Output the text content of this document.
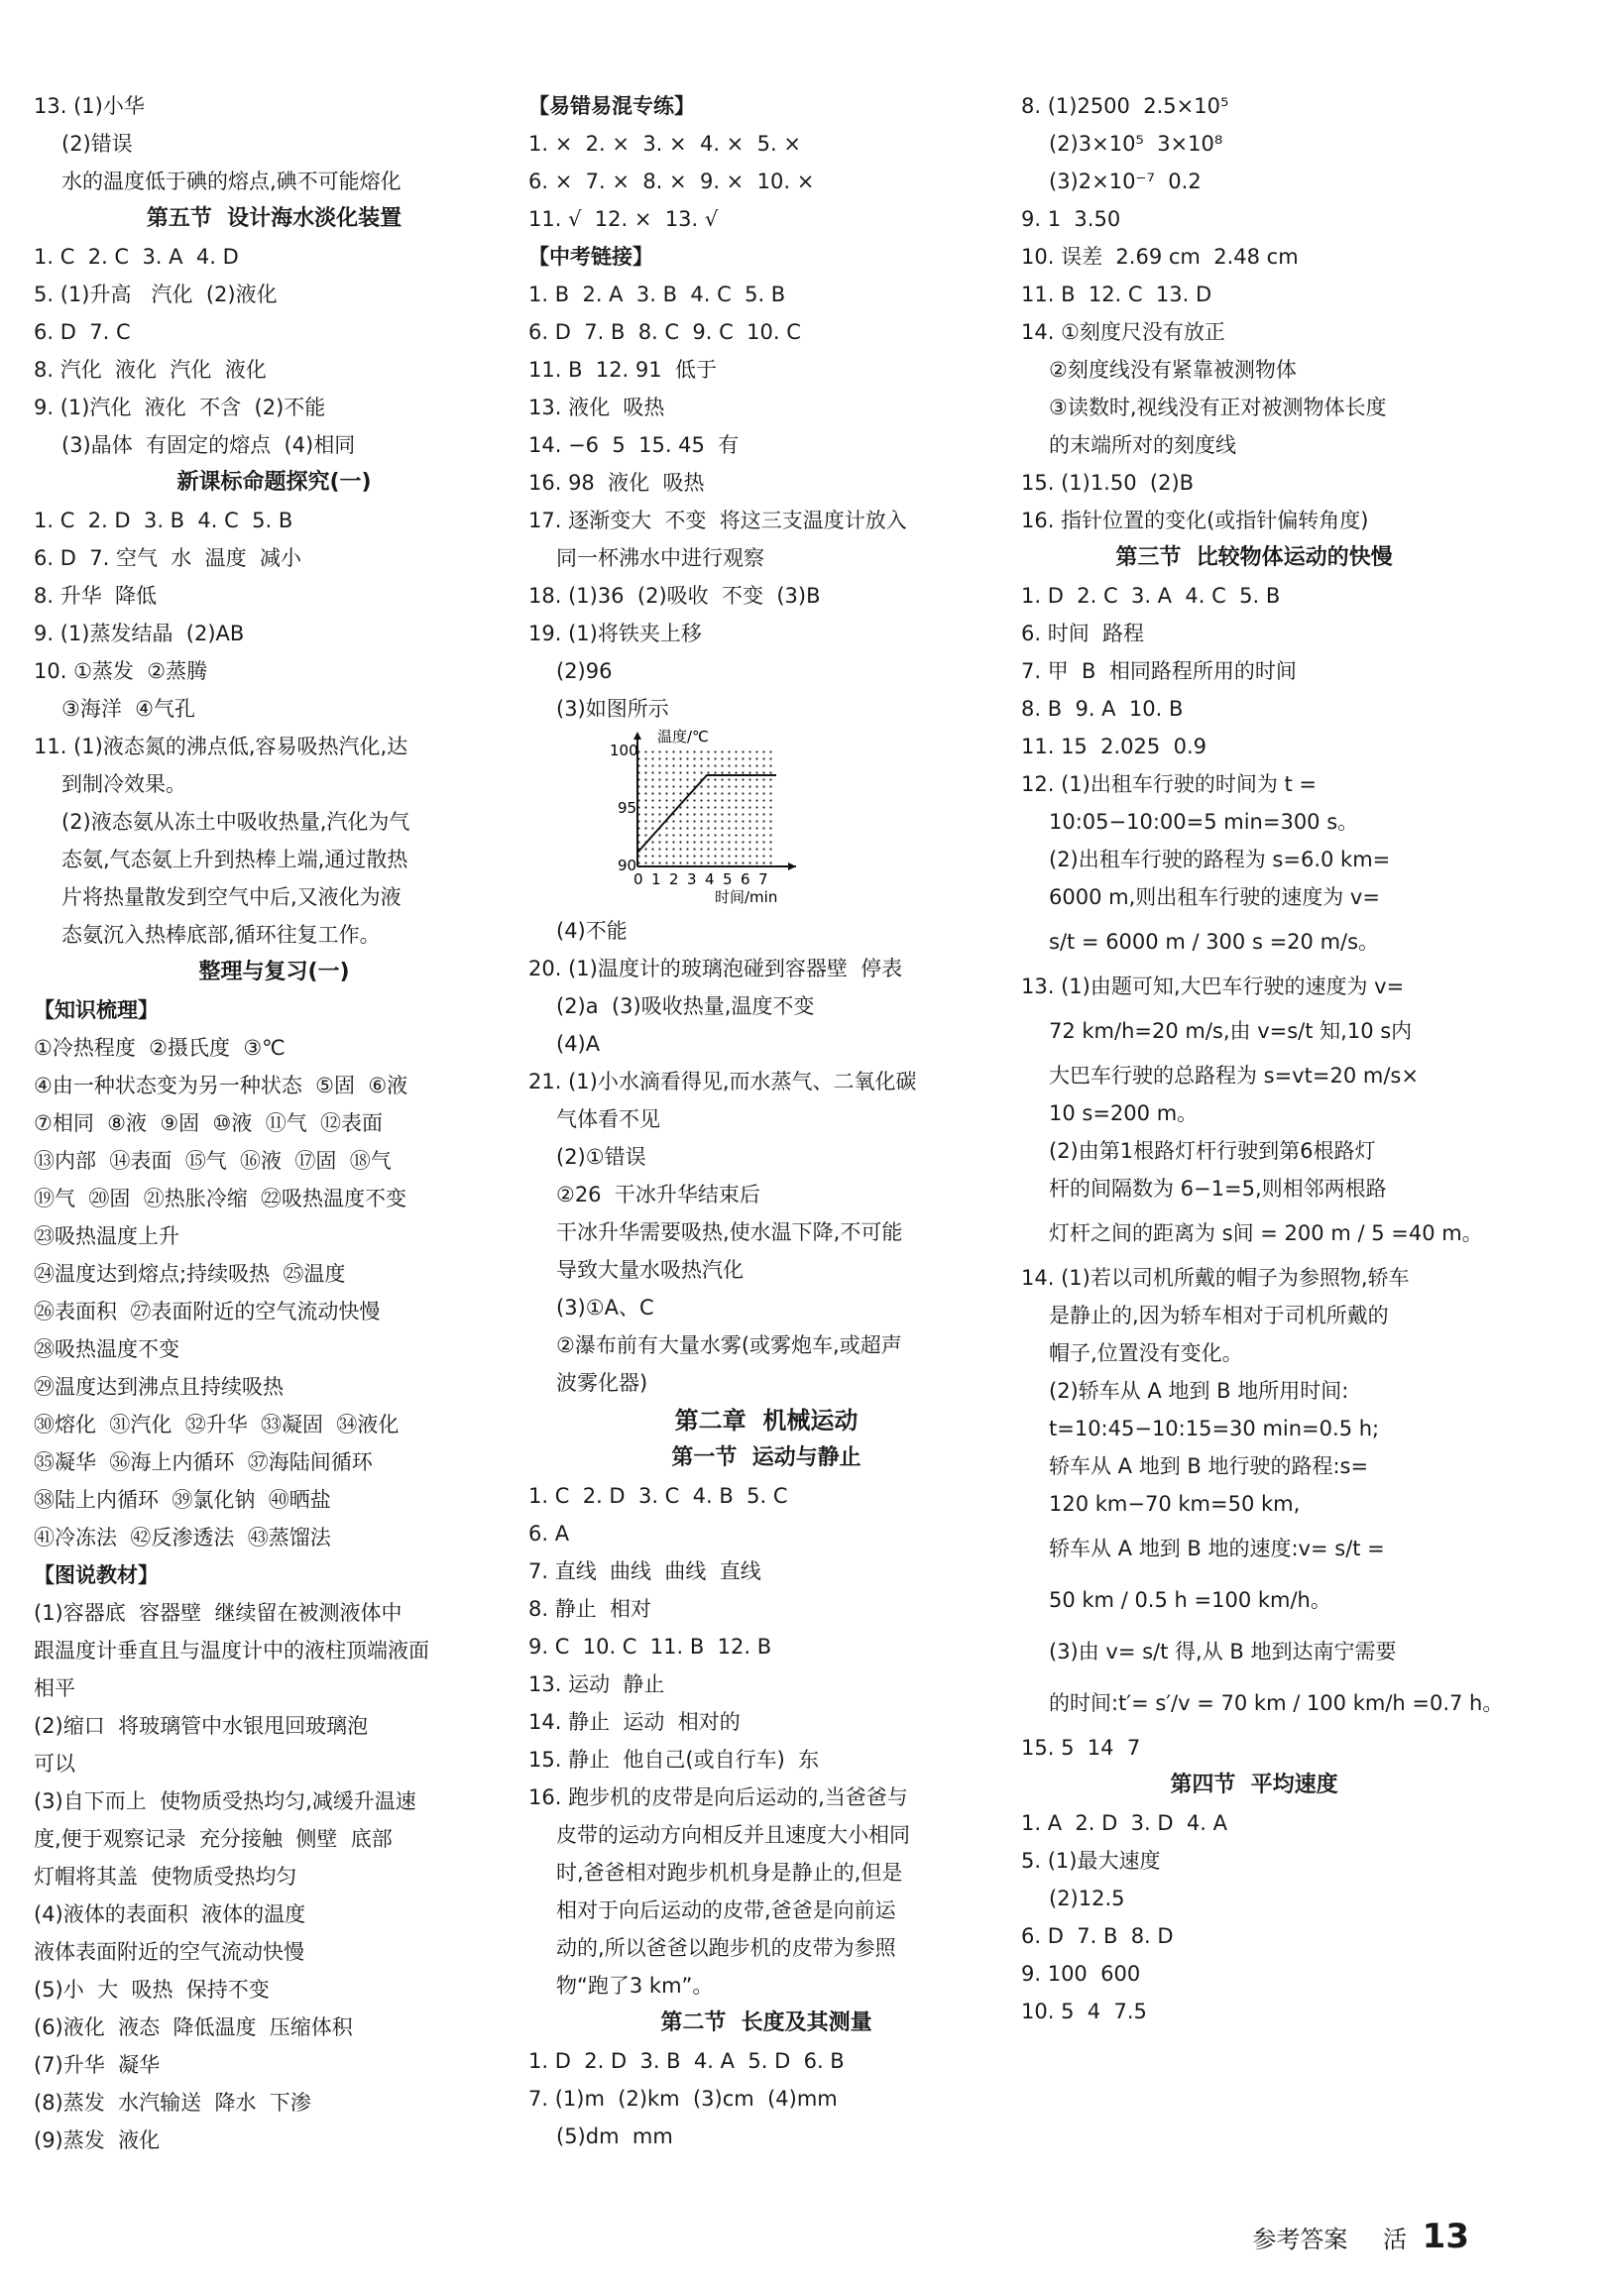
13. (1)小华
(2)错误
水的温度低于碘的熔点,碘不可能熔化
第五节  设计海水淡化装置
1. C  2. C  3. A  4. D
5. (1)升高   汽化  (2)液化
6. D  7. C
8. 汽化  液化  汽化  液化
9. (1)汽化  液化  不含  (2)不能
(3)晶体  有固定的熔点  (4)相同
新课标命题探究(一)
1. C  2. D  3. B  4. C  5. B
6. D  7. 空气  水  温度  减小
8. 升华  降低
9. (1)蒸发结晶  (2)AB
10. ①蒸发  ②蒸腾
③海洋  ④气孔
11. (1)液态氮的沸点低,容易吸热汽化,达
到制冷效果。
(2)液态氨从冻土中吸收热量,汽化为气
态氨,气态氨上升到热棒上端,通过散热
片将热量散发到空气中后,又液化为液
态氨沉入热棒底部,循环往复工作。
整理与复习(一)
【知识梳理】
①冷热程度  ②摄氏度  ③℃
④由一种状态变为另一种状态  ⑤固  ⑥液
⑦相同  ⑧液  ⑨固  ⑩液  ⑪气  ⑫表面
⑬内部  ⑭表面  ⑮气  ⑯液  ⑰固  ⑱气
⑲气  ⑳固  ㉑热胀冷缩  ㉒吸热温度不变
㉓吸热温度上升
㉔温度达到熔点;持续吸热  ㉕温度
㉖表面积  ㉗表面附近的空气流动快慢
㉘吸热温度不变
㉙温度达到沸点且持续吸热
㉚熔化  ㉛汽化  ㉜升华  ㉝凝固  ㉞液化
㉟凝华  ㊱海上内循环  ㊲海陆间循环
㊳陆上内循环  ㊴氯化钠  ㊵晒盐
㊶冷冻法  ㊷反渗透法  ㊸蒸馏法
【图说教材】
(1)容器底  容器壁  继续留在被测液体中
跟温度计垂直且与温度计中的液柱顶端液面
相平
(2)缩口  将玻璃管中水银甩回玻璃泡
可以
(3)自下而上  使物质受热均匀,减缓升温速
度,便于观察记录  充分接触  侧壁  底部
灯帽将其盖  使物质受热均匀
(4)液体的表面积  液体的温度
液体表面附近的空气流动快慢
(5)小  大  吸热  保持不变
(6)液化  液态  降低温度  压缩体积
(7)升华  凝华
(8)蒸发  水汽输送  降水  下渗
(9)蒸发  液化
【易错易混专练】
1. ×  2. ×  3. ×  4. ×  5. ×
6. ×  7. ×  8. ×  9. ×  10. ×
11. √  12. ×  13. √
【中考链接】
1. B  2. A  3. B  4. C  5. B
6. D  7. B  8. C  9. C  10. C
11. B  12. 91  低于
13. 液化  吸热
14. −6  5  15. 45  有
16. 98  液化  吸热
17. 逐渐变大  不变  将这三支温度计放入
同一杯沸水中进行观察
18. (1)36  (2)吸收  不变  (3)B
19. (1)将铁夹上移
(2)96
(3)如图所示
温度/℃
100
95
90
0 1 2 3 4 5 6 7
时间/min
(4)不能
20. (1)温度计的玻璃泡碰到容器壁  停表
(2)a  (3)吸收热量,温度不变
(4)A
21. (1)小水滴看得见,而水蒸气、二氧化碳
气体看不见
(2)①错误
②26  干冰升华结束后
干冰升华需要吸热,使水温下降,不可能
导致大量水吸热汽化
(3)①A、C
②瀑布前有大量水雾(或雾炮车,或超声
波雾化器)
第二章  机械运动
第一节  运动与静止
1. C  2. D  3. C  4. B  5. C
6. A
7. 直线  曲线  曲线  直线
8. 静止  相对
9. C  10. C  11. B  12. B
13. 运动  静止
14. 静止  运动  相对的
15. 静止  他自己(或自行车)  东
16. 跑步机的皮带是向后运动的,当爸爸与
皮带的运动方向相反并且速度大小相同
时,爸爸相对跑步机机身是静止的,但是
相对于向后运动的皮带,爸爸是向前运
动的,所以爸爸以跑步机的皮带为参照
物“跑了3 km”。
第二节  长度及其测量
1. D  2. D  3. B  4. A  5. D  6. B
7. (1)m  (2)km  (3)cm  (4)mm
(5)dm  mm
8. (1)2500  2.5×10⁵
(2)3×10⁵  3×10⁸
(3)2×10⁻⁷  0.2
9. 1  3.50
10. 误差  2.69 cm  2.48 cm
11. B  12. C  13. D
14. ①刻度尺没有放正
②刻度线没有紧靠被测物体
③读数时,视线没有正对被测物体长度
的末端所对的刻度线
15. (1)1.50  (2)B
16. 指针位置的变化(或指针偏转角度)
第三节  比较物体运动的快慢
1. D  2. C  3. A  4. C  5. B
6. 时间  路程
7. 甲  B  相同路程所用的时间
8. B  9. A  10. B
11. 15  2.025  0.9
12. (1)出租车行驶的时间为 t =
10:05−10:00=5 min=300 s。
(2)出租车行驶的路程为 s=6.0 km=
6000 m,则出租车行驶的速度为 v=
s/t = 6000 m / 300 s =20 m/s。
13. (1)由题可知,大巴车行驶的速度为 v=
72 km/h=20 m/s,由 v=s/t 知,10 s内
大巴车行驶的总路程为 s=vt=20 m/s×
10 s=200 m。
(2)由第1根路灯杆行驶到第6根路灯
杆的间隔数为 6−1=5,则相邻两根路
灯杆之间的距离为 s间 = 200 m / 5 =40 m。
14. (1)若以司机所戴的帽子为参照物,轿车
是静止的,因为轿车相对于司机所戴的
帽子,位置没有变化。
(2)轿车从 A 地到 B 地所用时间:
t=10:45−10:15=30 min=0.5 h;
轿车从 A 地到 B 地行驶的路程:s=
120 km−70 km=50 km,
轿车从 A 地到 B 地的速度:v= s/t =
50 km / 0.5 h =100 km/h。
(3)由 v= s/t 得,从 B 地到达南宁需要
的时间:t′= s′/v = 70 km / 100 km/h =0.7 h。
15. 5  14  7
第四节  平均速度
1. A  2. D  3. D  4. A
5. (1)最大速度
(2)12.5
6. D  7. B  8. D
9. 100  600
10. 5  4  7.5
参考答案 活 13
